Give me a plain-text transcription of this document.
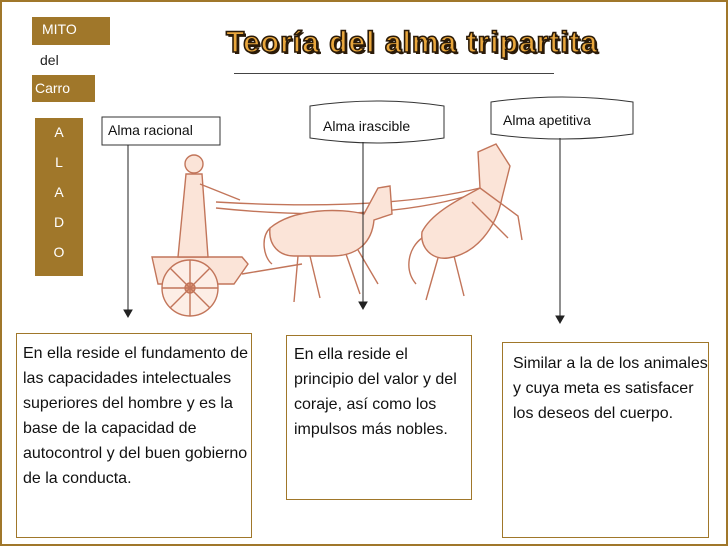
MITO
del
Carro
A
L
A
D
O
Teoría del alma tripartita
Alma racional	Alma irascible	Alma apetitiva
En ella reside el fundamento de las capacidades intelectuales superiores del hombre y es la base de la capacidad de autocontrol y del buen gobierno de la conducta.
En ella reside el principio del valor y del coraje, así como los impulsos más nobles.
Similar a la de los animales y cuya meta es satisfacer los deseos del cuerpo.
